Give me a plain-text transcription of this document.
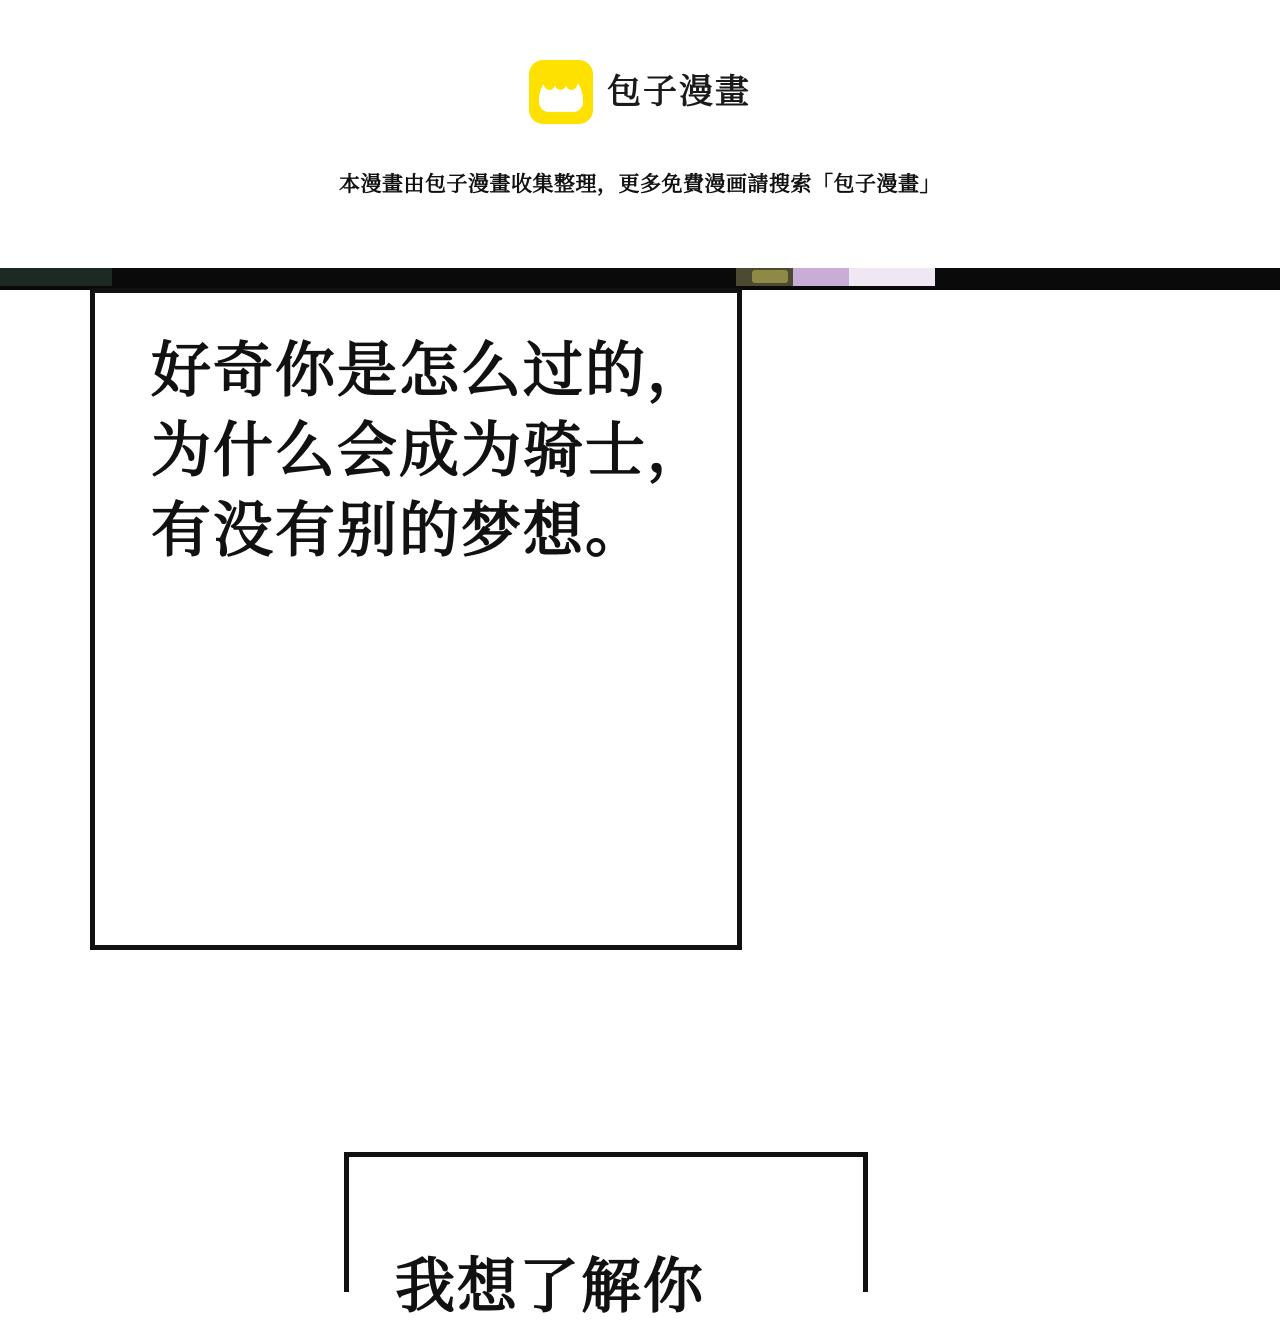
包子漫畫
本漫畫由包子漫畫收集整理，更多免費漫画請搜索「包子漫畫」
好奇你是怎么过的，
为什么会成为骑士，
有没有别的梦想。
我想了解你
